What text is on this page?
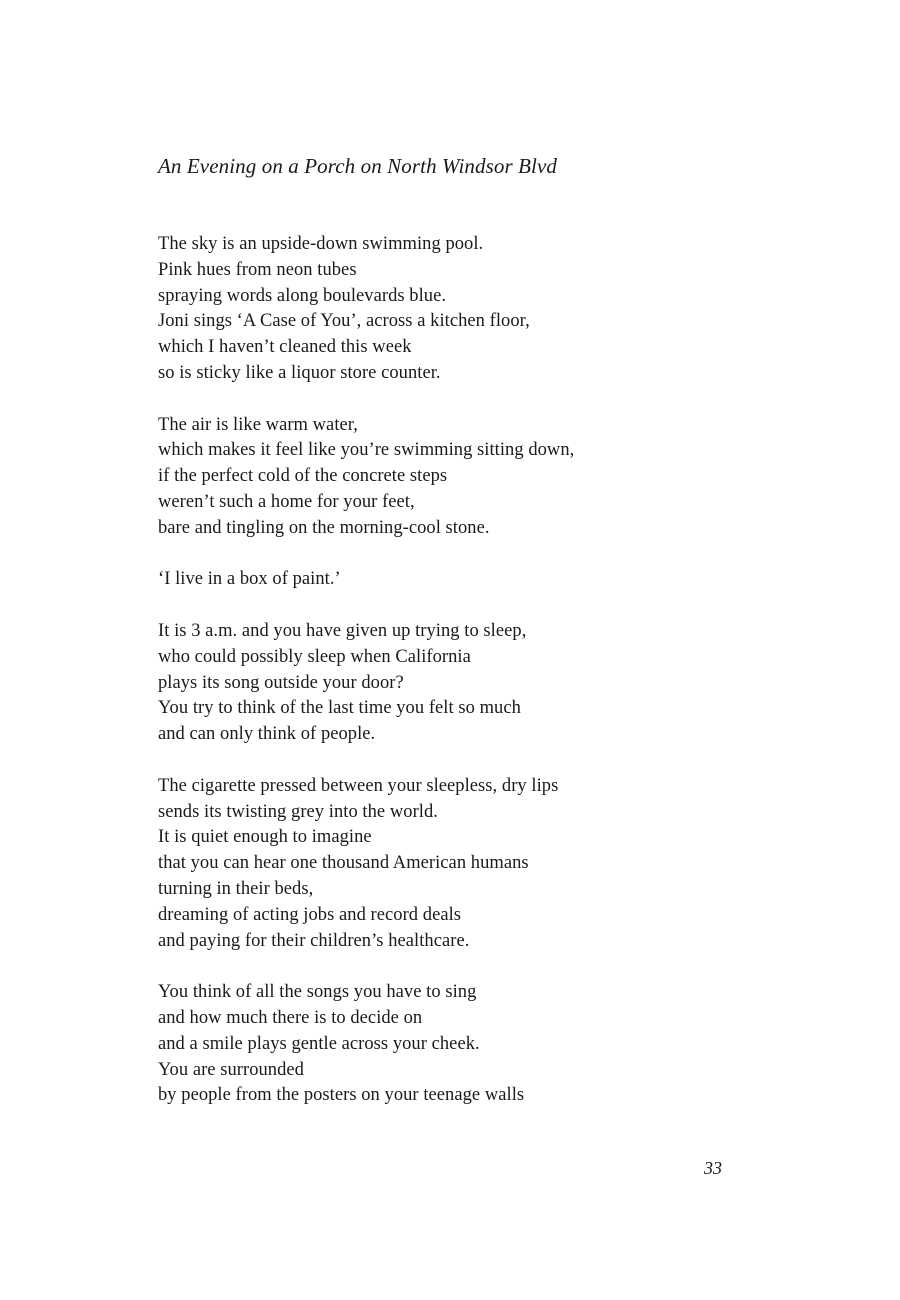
An Evening on a Porch on North Windsor Blvd

The sky is an upside-down swimming pool.
Pink hues from neon tubes
spraying words along boulevards blue.
Joni sings ‘A Case of You’, across a kitchen floor,
which I haven’t cleaned this week
so is sticky like a liquor store counter.

The air is like warm water,
which makes it feel like you’re swimming sitting down,
if the perfect cold of the concrete steps
weren’t such a home for your feet,
bare and tingling on the morning-cool stone.

‘I live in a box of paint.’

It is 3 a.m. and you have given up trying to sleep,
who could possibly sleep when California
plays its song outside your door?
You try to think of the last time you felt so much
and can only think of people.

The cigarette pressed between your sleepless, dry lips
sends its twisting grey into the world.
It is quiet enough to imagine
that you can hear one thousand American humans
turning in their beds,
dreaming of acting jobs and record deals
and paying for their children’s healthcare.

You think of all the songs you have to sing
and how much there is to decide on
and a smile plays gentle across your cheek.
You are surrounded
by people from the posters on your teenage walls

33
